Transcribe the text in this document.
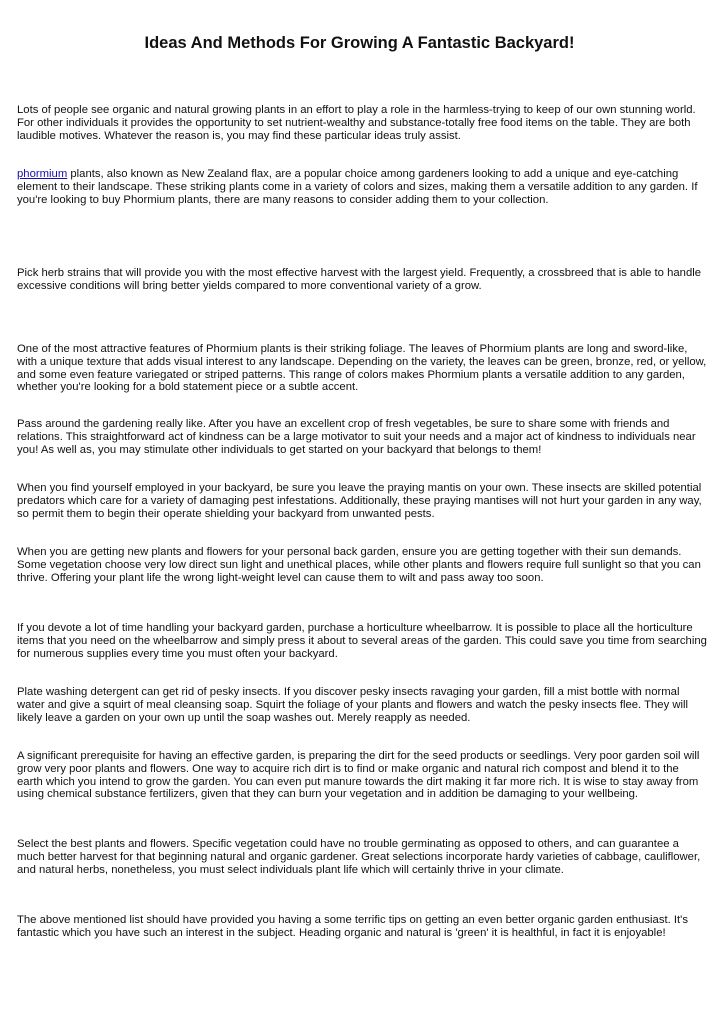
Ideas And Methods For Growing A Fantastic Backyard!

Lots of people see organic and natural growing plants in an effort to play a role in the harmless-trying to keep of our own stunning world. For other individuals it provides the opportunity to set nutrient-wealthy and substance-totally free food items on the table. They are both laudible motives. Whatever the reason is, you may find these particular ideas truly assist.

phormium plants, also known as New Zealand flax, are a popular choice among gardeners looking to add a unique and eye-catching element to their landscape. These striking plants come in a variety of colors and sizes, making them a versatile addition to any garden. If you're looking to buy Phormium plants, there are many reasons to consider adding them to your collection.

Pick herb strains that will provide you with the most effective harvest with the largest yield. Frequently, a crossbreed that is able to handle excessive conditions will bring better yields compared to more conventional variety of a grow.

One of the most attractive features of Phormium plants is their striking foliage. The leaves of Phormium plants are long and sword-like, with a unique texture that adds visual interest to any landscape. Depending on the variety, the leaves can be green, bronze, red, or yellow, and some even feature variegated or striped patterns. This range of colors makes Phormium plants a versatile addition to any garden, whether you're looking for a bold statement piece or a subtle accent.

Pass around the gardening really like. After you have an excellent crop of fresh vegetables, be sure to share some with friends and relations. This straightforward act of kindness can be a large motivator to suit your needs and a major act of kindness to individuals near you! As well as, you may stimulate other individuals to get started on your backyard that belongs to them!

When you find yourself employed in your backyard, be sure you leave the praying mantis on your own. These insects are skilled potential predators which care for a variety of damaging pest infestations. Additionally, these praying mantises will not hurt your garden in any way, so permit them to begin their operate shielding your backyard from unwanted pests.

When you are getting new plants and flowers for your personal back garden, ensure you are getting together with their sun demands. Some vegetation choose very low direct sun light and unethical places, while other plants and flowers require full sunlight so that you can thrive. Offering your plant life the wrong light-weight level can cause them to wilt and pass away too soon.

If you devote a lot of time handling your backyard garden, purchase a horticulture wheelbarrow. It is possible to place all the horticulture items that you need on the wheelbarrow and simply press it about to several areas of the garden. This could save you time from searching for numerous supplies every time you must often your backyard.

Plate washing detergent can get rid of pesky insects. If you discover pesky insects ravaging your garden, fill a mist bottle with normal water and give a squirt of meal cleansing soap. Squirt the foliage of your plants and flowers and watch the pesky insects flee. They will likely leave a garden on your own up until the soap washes out. Merely reapply as needed.

A significant prerequisite for having an effective garden, is preparing the dirt for the seed products or seedlings. Very poor garden soil will grow very poor plants and flowers. One way to acquire rich dirt is to find or make organic and natural rich compost and blend it to the earth which you intend to grow the garden. You can even put manure towards the dirt making it far more rich. It is wise to stay away from using chemical substance fertilizers, given that they can burn your vegetation and in addition be damaging to your wellbeing.

Select the best plants and flowers. Specific vegetation could have no trouble germinating as opposed to others, and can guarantee a much better harvest for that beginning natural and organic gardener. Great selections incorporate hardy varieties of cabbage, cauliflower, and natural herbs, nonetheless, you must select individuals plant life which will certainly thrive in your climate.

The above mentioned list should have provided you having a some terrific tips on getting an even better organic garden enthusiast. It's fantastic which you have such an interest in the subject. Heading organic and natural is 'green' it is healthful, in fact it is enjoyable!
